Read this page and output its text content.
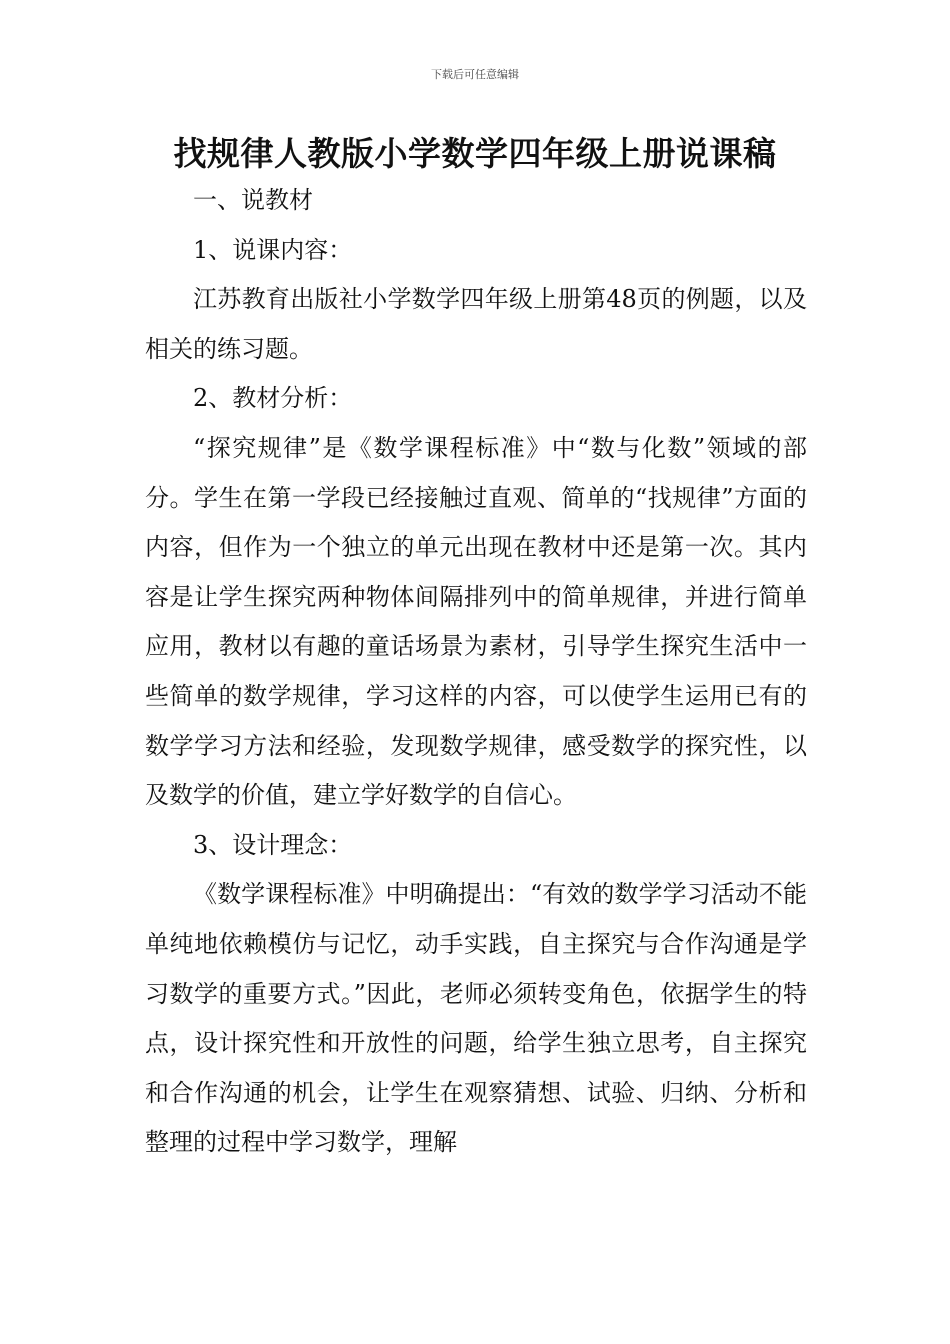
下载后可任意编辑
找规律人教版小学数学四年级上册说课稿

一、说教材

1、说课内容：

江苏教育出版社小学数学四年级上册第48页的例题，以及相关的练习题。

2、教材分析：

“探究规律”是《数学课程标准》中“数与化数”领域的部分。学生在第一学段已经接触过直观、简单的“找规律”方面的内容，但作为一个独立的单元出现在教材中还是第一次。其内容是让学生探究两种物体间隔排列中的简单规律，并进行简单应用，教材以有趣的童话场景为素材，引导学生探究生活中一些简单的数学规律，学习这样的内容，可以使学生运用已有的数学学习方法和经验，发现数学规律，感受数学的探究性，以及数学的价值，建立学好数学的自信心。

3、设计理念：

《数学课程标准》中明确提出：“有效的数学学习活动不能单纯地依赖模仿与记忆，动手实践，自主探究与合作沟通是学习数学的重要方式。”因此，老师必须转变角色，依据学生的特点，设计探究性和开放性的问题，给学生独立思考，自主探究和合作沟通的机会，让学生在观察猜想、试验、归纳、分析和整理的过程中学习数学，理解
